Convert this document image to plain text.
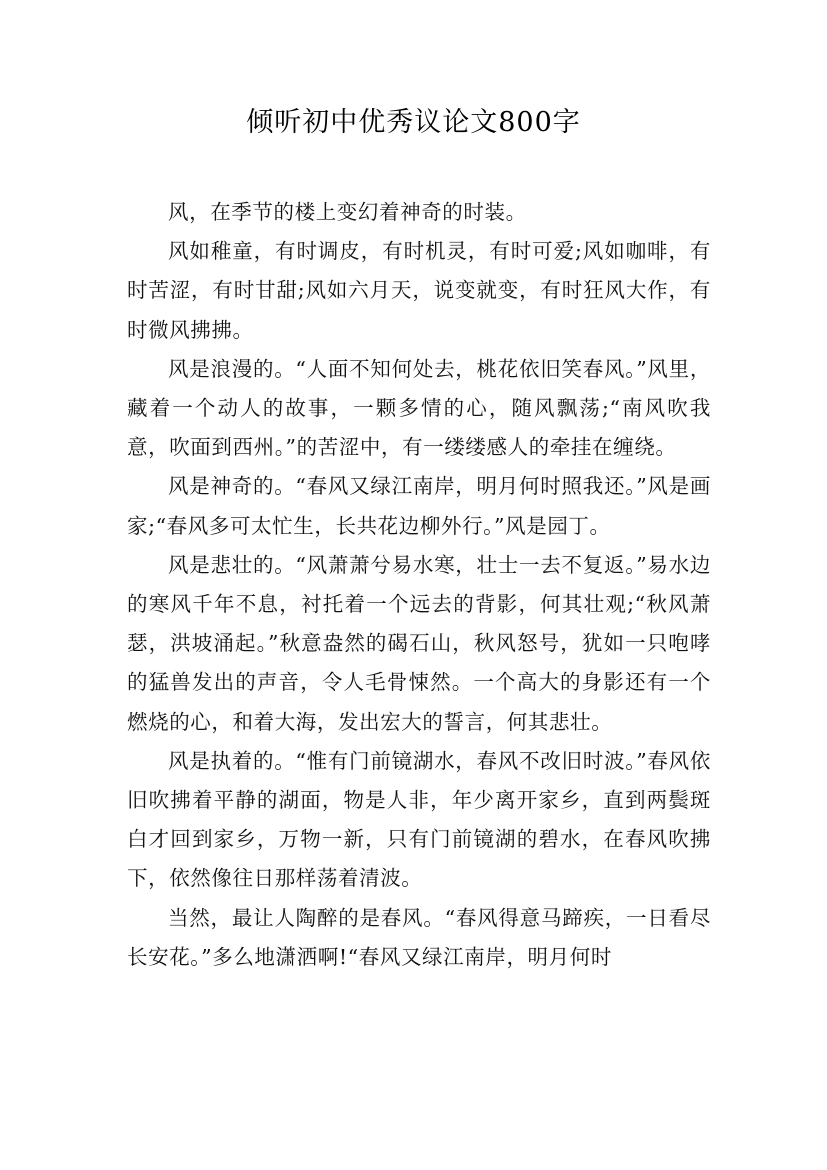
倾听初中优秀议论文800字

风，在季节的楼上变幻着神奇的时装。

风如稚童，有时调皮，有时机灵，有时可爱;风如咖啡，有时苦涩，有时甘甜;风如六月天，说变就变，有时狂风大作，有时微风拂拂。

风是浪漫的。“人面不知何处去，桃花依旧笑春风。”风里，藏着一个动人的故事，一颗多情的心，随风飘荡;“南风吹我意，吹面到西州。”的苦涩中，有一缕缕感人的牵挂在缠绕。

风是神奇的。“春风又绿江南岸，明月何时照我还。”风是画家;“春风多可太忙生，长共花边柳外行。”风是园丁。

风是悲壮的。“风萧萧兮易水寒，壮士一去不复返。”易水边的寒风千年不息，衬托着一个远去的背影，何其壮观;“秋风萧瑟，洪坡涌起。”秋意盎然的碣石山，秋风怒号，犹如一只咆哮的猛兽发出的声音，令人毛骨悚然。一个高大的身影还有一个燃烧的心，和着大海，发出宏大的誓言，何其悲壮。

风是执着的。“惟有门前镜湖水，春风不改旧时波。”春风依旧吹拂着平静的湖面，物是人非，年少离开家乡，直到两鬓斑白才回到家乡，万物一新，只有门前镜湖的碧水，在春风吹拂下，依然像往日那样荡着清波。

当然，最让人陶醉的是春风。“春风得意马蹄疾，一日看尽长安花。”多么地潇洒啊!“春风又绿江南岸，明月何时
